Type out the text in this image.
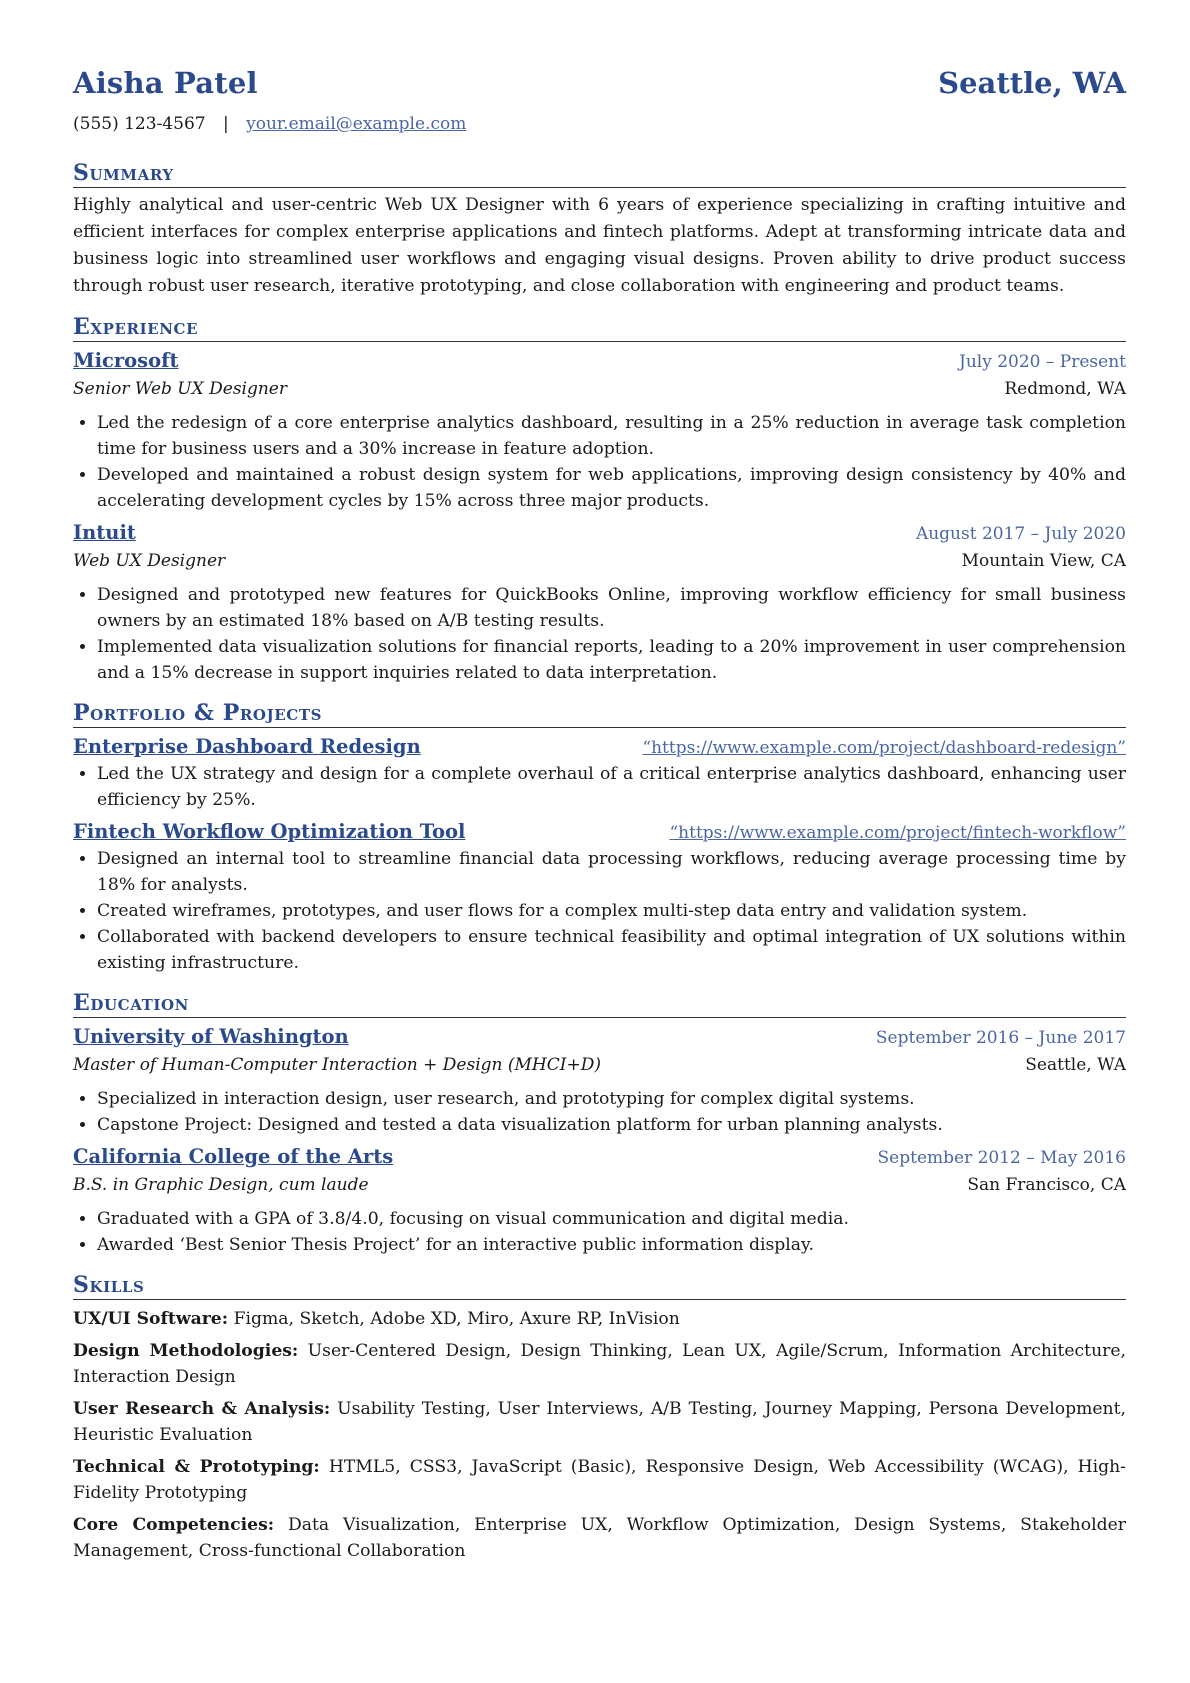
Aisha Patel	Seattle, WA
(555) 123-4567 | your.email@example.com
Summary
Highly analytical and user-centric Web UX Designer with 6 years of experience specializing in crafting intuitive and efficient interfaces for complex enterprise applications and fintech platforms. Adept at transforming intricate data and business logic into streamlined user workflows and engaging visual designs. Proven ability to drive product success through robust user research, iterative prototyping, and close collaboration with engineering and product teams.
Experience
Microsoft	July 2020 – Present
Senior Web UX Designer	Redmond, WA
• Led the redesign of a core enterprise analytics dashboard, resulting in a 25% reduction in average task completion time for business users and a 30% increase in feature adoption.
• Developed and maintained a robust design system for web applications, improving design consistency by 40% and accelerating development cycles by 15% across three major products.
Intuit	August 2017 – July 2020
Web UX Designer	Mountain View, CA
• Designed and prototyped new features for QuickBooks Online, improving workflow efficiency for small business owners by an estimated 18% based on A/B testing results.
• Implemented data visualization solutions for financial reports, leading to a 20% improvement in user comprehension and a 15% decrease in support inquiries related to data interpretation.
Portfolio & Projects
Enterprise Dashboard Redesign	“https://www.example.com/project/dashboard-redesign”
• Led the UX strategy and design for a complete overhaul of a critical enterprise analytics dashboard, enhancing user efficiency by 25%.
Fintech Workflow Optimization Tool	“https://www.example.com/project/fintech-workflow”
• Designed an internal tool to streamline financial data processing workflows, reducing average processing time by 18% for analysts.
• Created wireframes, prototypes, and user flows for a complex multi-step data entry and validation system.
• Collaborated with backend developers to ensure technical feasibility and optimal integration of UX solutions within existing infrastructure.
Education
University of Washington	September 2016 – June 2017
Master of Human-Computer Interaction + Design (MHCI+D)	Seattle, WA
• Specialized in interaction design, user research, and prototyping for complex digital systems.
• Capstone Project: Designed and tested a data visualization platform for urban planning analysts.
California College of the Arts	September 2012 – May 2016
B.S. in Graphic Design, cum laude	San Francisco, CA
• Graduated with a GPA of 3.8/4.0, focusing on visual communication and digital media.
• Awarded ‘Best Senior Thesis Project’ for an interactive public information display.
Skills
UX/UI Software: Figma, Sketch, Adobe XD, Miro, Axure RP, InVision
Design Methodologies: User-Centered Design, Design Thinking, Lean UX, Agile/Scrum, Information Architecture, Interaction Design
User Research & Analysis: Usability Testing, User Interviews, A/B Testing, Journey Mapping, Persona Development, Heuristic Evaluation
Technical & Prototyping: HTML5, CSS3, JavaScript (Basic), Responsive Design, Web Accessibility (WCAG), High-Fidelity Prototyping
Core Competencies: Data Visualization, Enterprise UX, Workflow Optimization, Design Systems, Stakeholder Management, Cross-functional Collaboration
